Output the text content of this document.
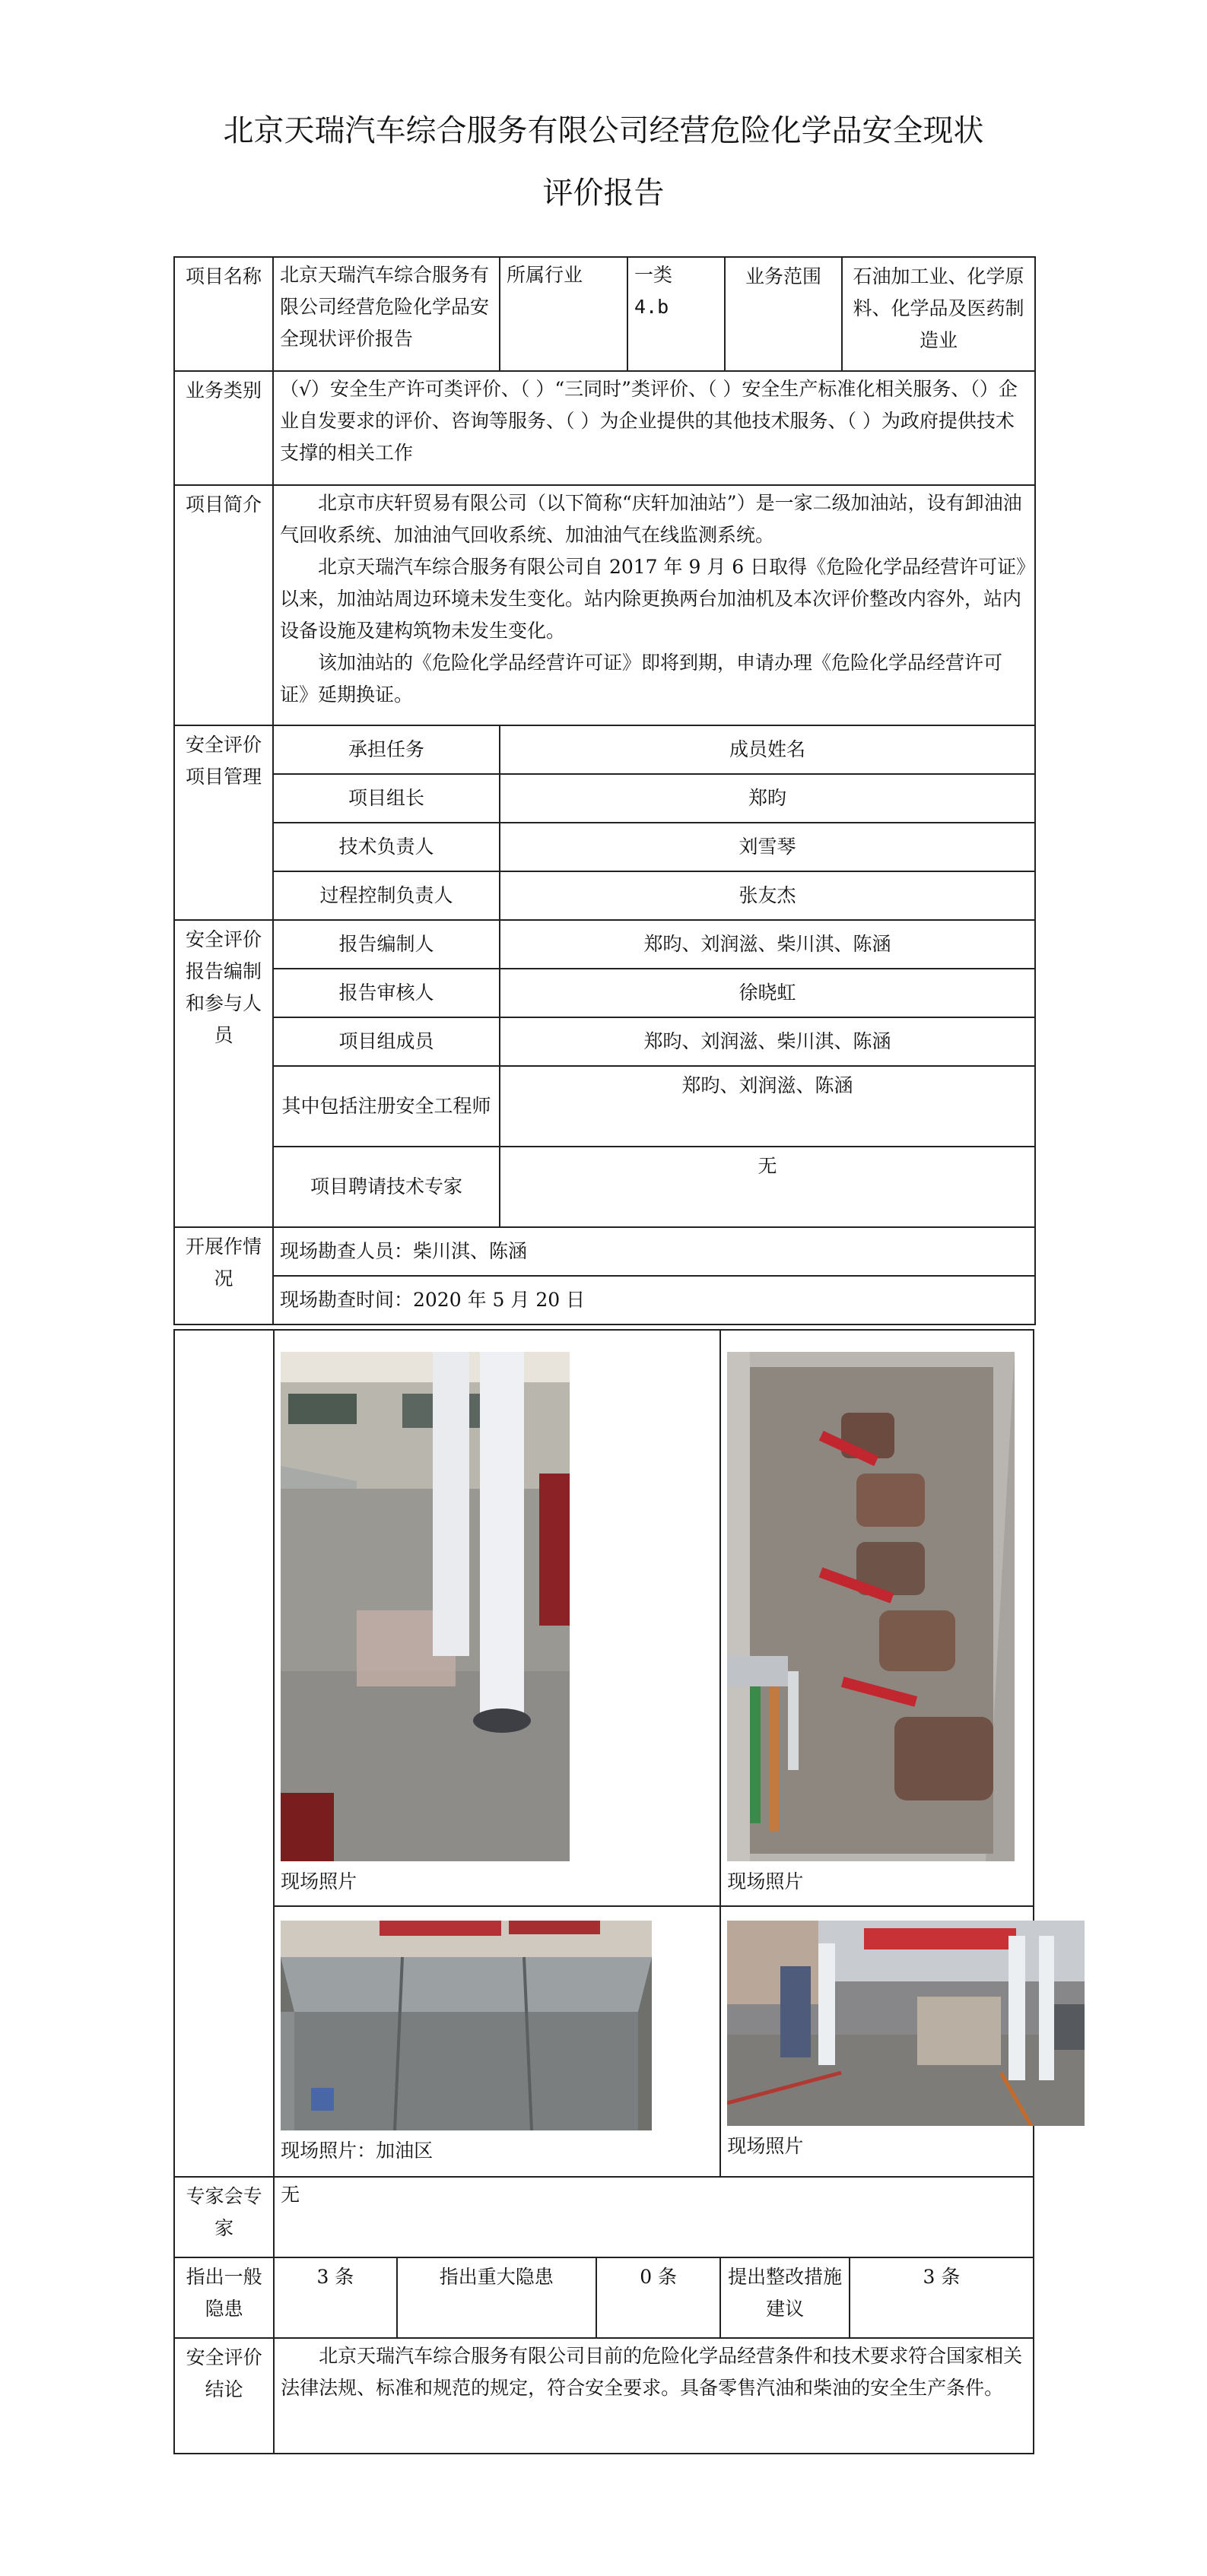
北京天瑞汽车综合服务有限公司经营危险化学品安全现状
评价报告
项目名称	北京天瑞汽车综合服务有限公司经营危险化学品安全现状评价报告	所属行业	一类 4.b	业务范围	石油加工业、化学原料、化学品及医药制造业
业务类别	（√）安全生产许可类评价、（ ）“三同时”类评价、（ ）安全生产标准化相关服务、（）企业自发要求的评价、咨询等服务、（ ）为企业提供的其他技术服务、（ ）为政府提供技术支撑的相关工作				
项目简介	北京市庆轩贸易有限公司（以下简称“庆轩加油站”）是一家二级加油站，设有卸油油气回收系统、加油油气回收系统、加油油气在线监测系统。

北京天瑞汽车综合服务有限公司自 2017 年 9 月 6 日取得《危险化学品经营许可证》以来，加油站周边环境未发生变化。站内除更换两台加油机及本次评价整改内容外，站内设备设施及建构筑物未发生变化。

该加油站的《危险化学品经营许可证》即将到期，申请办理《危险化学品经营许可证》延期换证。				

安全评价项目管理	承担任务	成员姓名			
	项目组长	郑昀			
	技术负责人	刘雪琴			
	过程控制负责人	张友杰			
安全评价报告编制和参与人员	报告编制人	郑昀、刘润滋、柴川淇、陈涵			
	报告审核人	徐晓虹			
	项目组成员	郑昀、刘润滋、柴川淇、陈涵			
	其中包括注册安全工程师	郑昀、刘润滋、陈涵			
	项目聘请技术专家	无			
开展作情况	现场勘查人员：柴川淇、陈涵				
	现场勘查时间：2020 年 5 月 20 日				

	现场照片			现场照片	

	现场照片：加油区			现场照片	

专家会专家	无				
指出一般隐患	3 条	指出重大隐患	0 条	提出整改措施建议	3 条
安全评价结论	北京天瑞汽车综合服务有限公司目前的危险化学品经营条件和技术要求符合国家相关法律法规、标准和规范的规定，符合安全要求。具备零售汽油和柴油的安全生产条件。				
